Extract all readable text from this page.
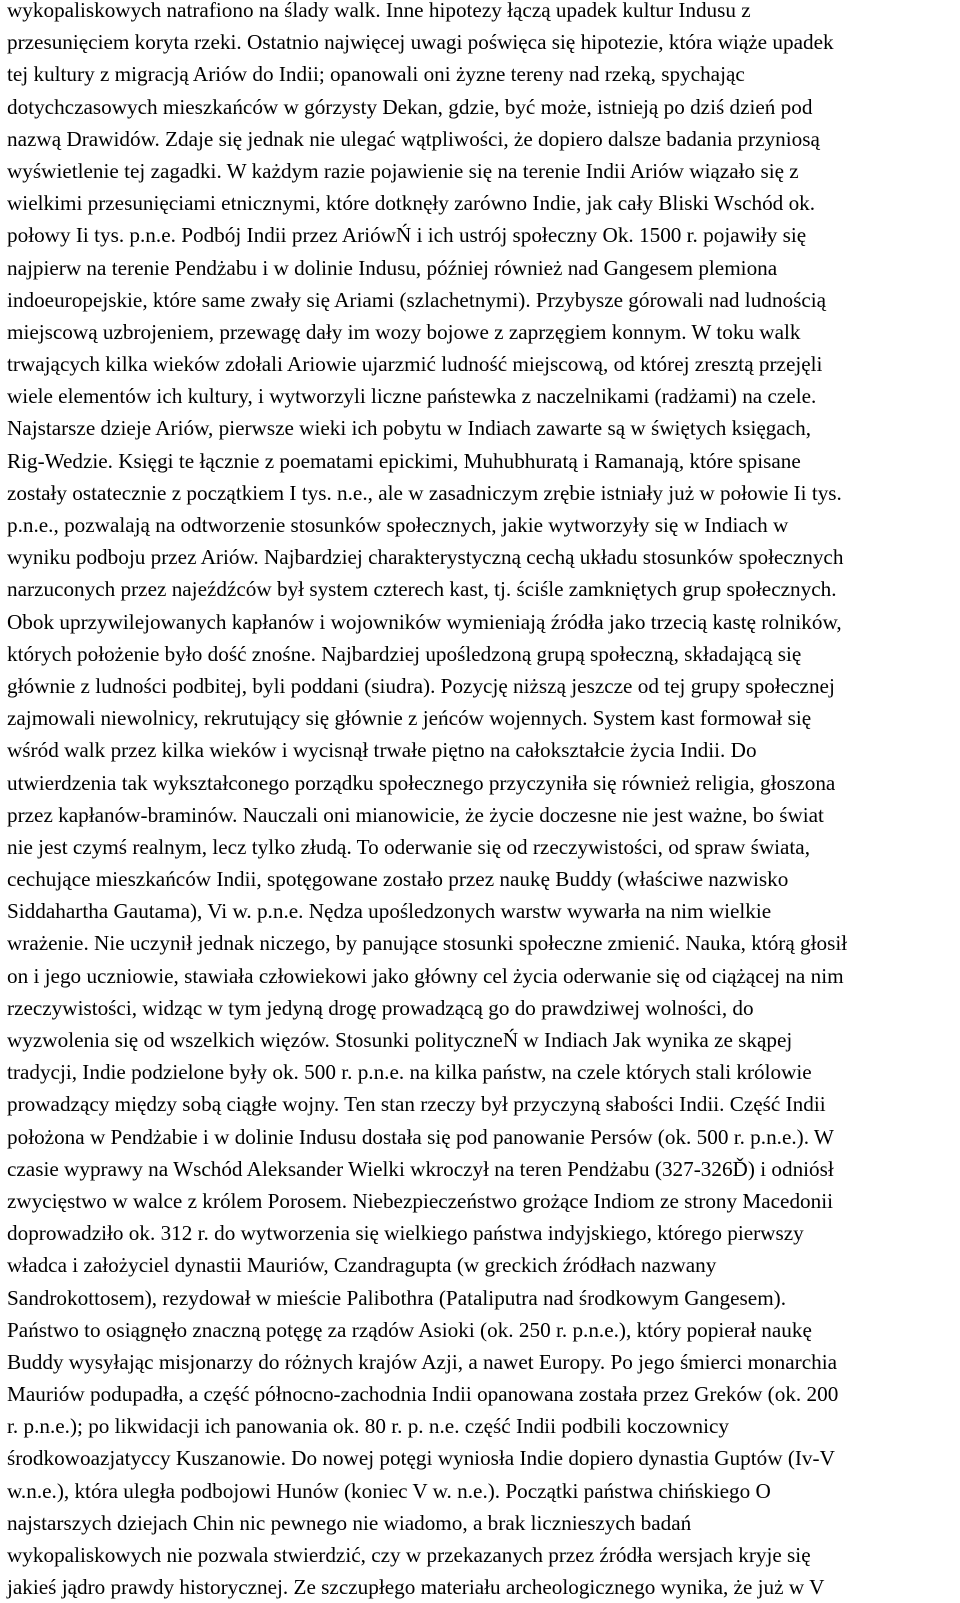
wykopaliskowych natrafiono na ślady walk. Inne hipotezy łączą upadek kultur Indusu z
przesunięciem koryta rzeki. Ostatnio najwięcej uwagi poświęca się hipotezie, która wiąże upadek
tej kultury z migracją Ariów do Indii; opanowali oni żyzne tereny nad rzeką, spychając
dotychczasowych mieszkańców w górzysty Dekan, gdzie, być może, istnieją po dziś dzień pod
nazwą Drawidów. Zdaje się jednak nie ulegać wątpliwości, że dopiero dalsze badania przyniosą
wyświetlenie tej zagadki. W każdym razie pojawienie się na terenie Indii Ariów wiązało się z
wielkimi przesunięciami etnicznymi, które dotknęły zarówno Indie, jak cały Bliski Wschód ok.
połowy Ii tys. p.n.e. Podbój Indii przez AriówŃ i ich ustrój społeczny Ok. 1500 r. pojawiły się
najpierw na terenie Pendżabu i w dolinie Indusu, później również nad Gangesem plemiona
indoeuropejskie, które same zwały się Ariami (szlachetnymi). Przybysze górowali nad ludnością
miejscową uzbrojeniem, przewagę dały im wozy bojowe z zaprzęgiem konnym. W toku walk
trwających kilka wieków zdołali Ariowie ujarzmić ludność miejscową, od której zresztą przejęli
wiele elementów ich kultury, i wytworzyli liczne państewka z naczelnikami (radżami) na czele.
Najstarsze dzieje Ariów, pierwsze wieki ich pobytu w Indiach zawarte są w świętych księgach,
Rig-Wedzie. Księgi te łącznie z poematami epickimi, Muhubhuratą i Ramanają, które spisane
zostały ostatecznie z początkiem I tys. n.e., ale w zasadniczym zrębie istniały już w połowie Ii tys.
p.n.e., pozwalają na odtworzenie stosunków społecznych, jakie wytworzyły się w Indiach w
wyniku podboju przez Ariów. Najbardziej charakterystyczną cechą układu stosunków społecznych
narzuconych przez najeźdźców był system czterech kast, tj. ściśle zamkniętych grup społecznych.
Obok uprzywilejowanych kapłanów i wojowników wymieniają źródła jako trzecią kastę rolników,
których położenie było dość znośne. Najbardziej upośledzoną grupą społeczną, składającą się
głównie z ludności podbitej, byli poddani (siudra). Pozycję niższą jeszcze od tej grupy społecznej
zajmowali niewolnicy, rekrutujący się głównie z jeńców wojennych. System kast formował się
wśród walk przez kilka wieków i wycisnął trwałe piętno na całokształcie życia Indii. Do
utwierdzenia tak wykształconego porządku społecznego przyczyniła się również religia, głoszona
przez kapłanów-braminów. Nauczali oni mianowicie, że życie doczesne nie jest ważne, bo świat
nie jest czymś realnym, lecz tylko złudą. To oderwanie się od rzeczywistości, od spraw świata,
cechujące mieszkańców Indii, spotęgowane zostało przez naukę Buddy (właściwe nazwisko
Siddahartha Gautama), Vi w. p.n.e. Nędza upośledzonych warstw wywarła na nim wielkie
wrażenie. Nie uczynił jednak niczego, by panujące stosunki społeczne zmienić. Nauka, którą głosił
on i jego uczniowie, stawiała człowiekowi jako główny cel życia oderwanie się od ciążącej na nim
rzeczywistości, widząc w tym jedyną drogę prowadzącą go do prawdziwej wolności, do
wyzwolenia się od wszelkich więzów. Stosunki polityczneŃ w Indiach Jak wynika ze skąpej
tradycji, Indie podzielone były ok. 500 r. p.n.e. na kilka państw, na czele których stali królowie
prowadzący między sobą ciągłe wojny. Ten stan rzeczy był przyczyną słabości Indii. Część Indii
położona w Pendżabie i w dolinie Indusu dostała się pod panowanie Persów (ok. 500 r. p.n.e.). W
czasie wyprawy na Wschód Aleksander Wielki wkroczył na teren Pendżabu (327-326Ď) i odniósł
zwycięstwo w walce z królem Porosem. Niebezpieczeństwo grożące Indiom ze strony Macedonii
doprowadziło ok. 312 r. do wytworzenia się wielkiego państwa indyjskiego, którego pierwszy
władca i założyciel dynastii Mauriów, Czandragupta (w greckich źródłach nazwany
Sandrokottosem), rezydował w mieście Palibothra (Pataliputra nad środkowym Gangesem).
Państwo to osiągnęło znaczną potęgę za rządów Asioki (ok. 250 r. p.n.e.), który popierał naukę
Buddy wysyłając misjonarzy do różnych krajów Azji, a nawet Europy. Po jego śmierci monarchia
Mauriów podupadła, a część północno-zachodnia Indii opanowana została przez Greków (ok. 200
r. p.n.e.); po likwidacji ich panowania ok. 80 r. p. n.e. część Indii podbili koczownicy
środkowoazjatyccy Kuszanowie. Do nowej potęgi wyniosła Indie dopiero dynastia Guptów (Iv-V
w.n.e.), która uległa podbojowi Hunów (koniec V w. n.e.). Początki państwa chińskiego O
najstarszych dziejach Chin nic pewnego nie wiadomo, a brak licznieszych badań
wykopaliskowych nie pozwala stwierdzić, czy w przekazanych przez źródła wersjach kryje się
jakieś jądro prawdy historycznej. Ze szczupłego materiału archeologicznego wynika, że już w V
